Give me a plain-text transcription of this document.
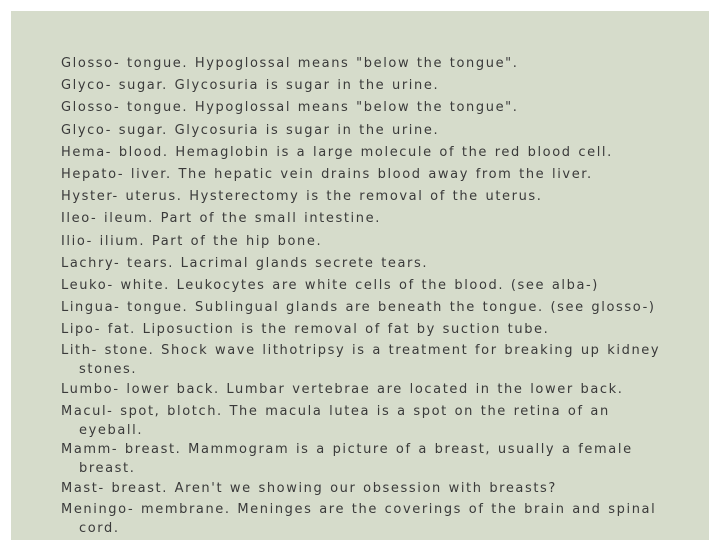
Glosso- tongue. Hypoglossal means "below the tongue".
Glyco- sugar. Glycosuria is sugar in the urine.
Glosso- tongue. Hypoglossal means "below the tongue".
Glyco- sugar. Glycosuria is sugar in the urine.
Hema- blood. Hemaglobin is a large molecule of the red blood cell.
Hepato- liver. The hepatic vein drains blood away from the liver.
Hyster- uterus. Hysterectomy is the removal of the uterus.
Ileo- ileum. Part of the small intestine.
Ilio- ilium. Part of the hip bone.
Lachry- tears. Lacrimal glands secrete tears.
Leuko- white. Leukocytes are white cells of the blood. (see alba-)
Lingua- tongue. Sublingual glands are beneath the tongue. (see glosso-)
Lipo- fat. Liposuction is the removal of fat by suction tube.
Lith- stone. Shock wave lithotripsy is a treatment for breaking up kidney
stones.
Lumbo- lower back. Lumbar vertebrae are located in the lower back.
Macul- spot, blotch. The macula lutea is a spot on the retina of an
eyeball.
Mamm- breast. Mammogram is a picture of a breast, usually a female
breast.
Mast- breast. Aren't we showing our obsession with breasts?
Meningo- membrane. Meninges are the coverings of the brain and spinal
cord.
